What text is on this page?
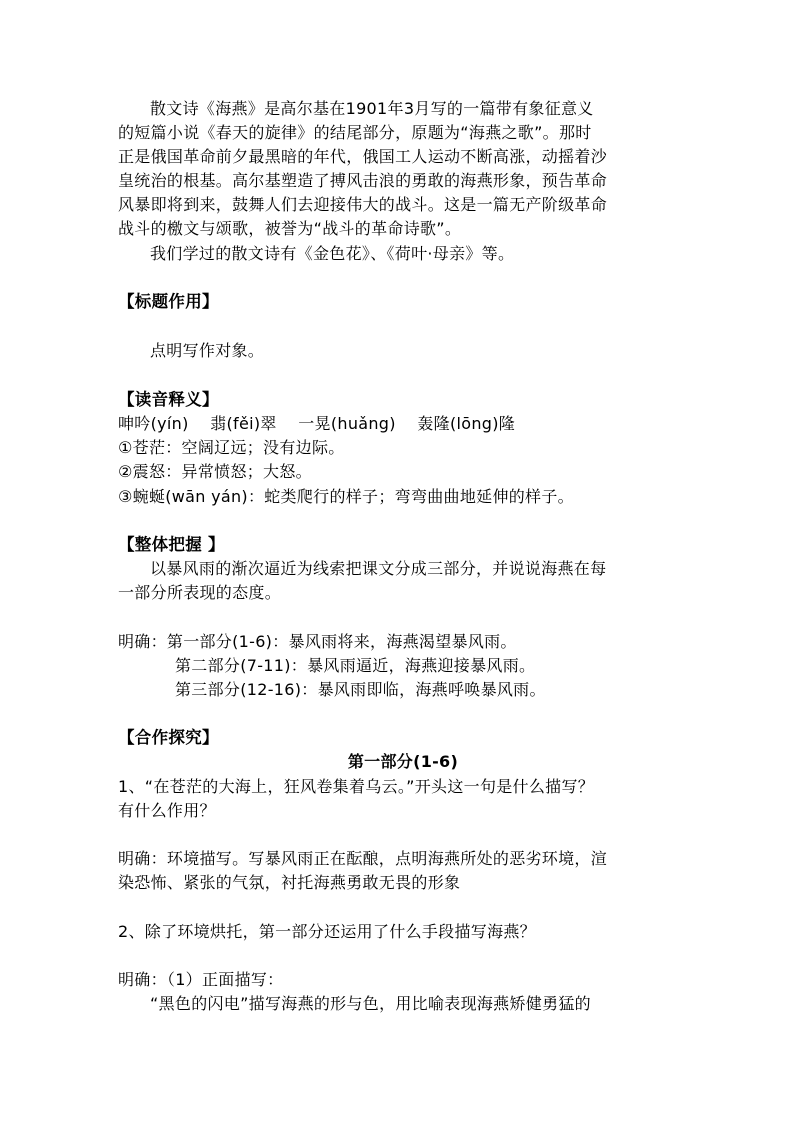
散文诗《海燕》是高尔基在1901年3月写的一篇带有象征意义
的短篇小说《春天的旋律》的结尾部分，原题为“海燕之歌”。那时
正是俄国革命前夕最黑暗的年代，俄国工人运动不断高涨，动摇着沙
皇统治的根基。高尔基塑造了搏风击浪的勇敢的海燕形象，预告革命
风暴即将到来，鼓舞人们去迎接伟大的战斗。这是一篇无产阶级革命
战斗的檄文与颂歌，被誉为“战斗的革命诗歌”。
我们学过的散文诗有《金色花》、《荷叶·母亲》等。
【标题作用】
点明写作对象。
【读音释义】
呻吟(yín)    翡(fěi)翠    一晃(huǎng)    轰隆(lōng)隆
①苍茫：空阔辽远；没有边际。
②震怒：异常愤怒；大怒。
③蜿蜒(wān yán)：蛇类爬行的样子；弯弯曲曲地延伸的样子。
【整体把握 】
以暴风雨的渐次逼近为线索把课文分成三部分，并说说海燕在每
一部分所表现的态度。
明确：第一部分(1-6)：暴风雨将来，海燕渴望暴风雨。
第二部分(7-11)：暴风雨逼近，海燕迎接暴风雨。
第三部分(12-16)：暴风雨即临，海燕呼唤暴风雨。
【合作探究】
第一部分(1-6)
1、“在苍茫的大海上，狂风卷集着乌云。”开头这一句是什么描写？
有什么作用？
明确：环境描写。写暴风雨正在酝酿，点明海燕所处的恶劣环境，渲
染恐怖、紧张的气氛，衬托海燕勇敢无畏的形象
2、除了环境烘托，第一部分还运用了什么手段描写海燕？
明确：（1）正面描写：
“黑色的闪电”描写海燕的形与色，用比喻表现海燕矫健勇猛的
